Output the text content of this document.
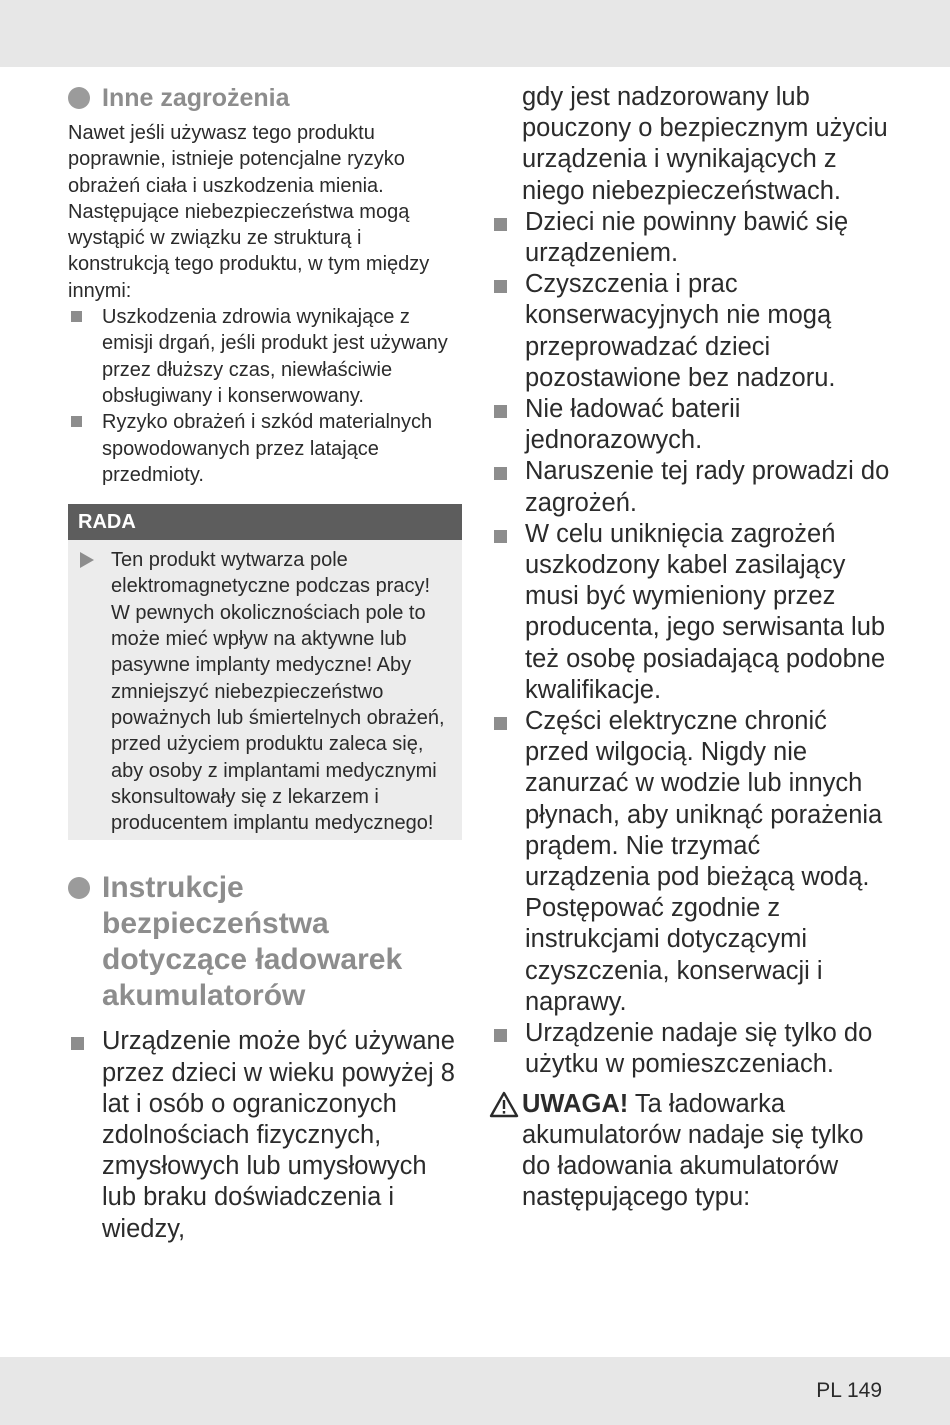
Inne zagrożenia

Nawet jeśli używasz tego produktu poprawnie, istnieje potencjalne ryzyko obrażeń ciała i uszkodzenia mienia. Następujące niebezpieczeństwa mogą wystąpić w związku ze strukturą i konstrukcją tego produktu, w tym między innymi:

Uszkodzenia zdrowia wynikające z emisji drgań, jeśli produkt jest używany przez dłuższy czas, niewłaściwie obsługiwany i konserwowany.
Ryzyko obrażeń i szkód materialnych spowodowanych przez latające przedmioty.
RADA
Ten produkt wytwarza pole elektromagnetyczne podczas pracy! W pewnych okolicznościach pole to może mieć wpływ na aktywne lub pasywne implanty medyczne! Aby zmniejszyć niebezpieczeństwo poważnych lub śmiertelnych obrażeń, przed użyciem produktu zaleca się, aby osoby z implantami medycznymi skonsultowały się z lekarzem i producentem implantu medycznego!
Instrukcje bezpieczeństwa dotyczące ładowarek akumulatorów
Urządzenie może być używane przez dzieci w wieku powyżej 8 lat i osób o ograniczonych zdolnościach fizycznych, zmysłowych lub umysłowych lub braku doświadczenia i wiedzy,
gdy jest nadzorowany lub pouczony o bezpiecznym użyciu urządzenia i wynikających z niego niebezpieczeństwach.
Dzieci nie powinny bawić się urządzeniem.
Czyszczenia i prac konserwacyjnych nie mogą przeprowadzać dzieci pozostawione bez nadzoru.
Nie ładować baterii jednorazowych.
Naruszenie tej rady prowadzi do zagrożeń.
W celu uniknięcia zagrożeń uszkodzony kabel zasilający musi być wymieniony przez producenta, jego serwisanta lub też osobę posiadającą podobne kwalifikacje.
Części elektryczne chronić przed wilgocią. Nigdy nie zanurzać w wodzie lub innych płynach, aby uniknąć porażenia prądem. Nie trzymać urządzenia pod bieżącą wodą. Postępować zgodnie z instrukcjami dotyczącymi czyszczenia, konserwacji i naprawy.
Urządzenie nadaje się tylko do użytku w pomieszczeniach.

UWAGA! Ta ładowarka akumulatorów nadaje się tylko do ładowania akumulatorów następującego typu:

PL 149
